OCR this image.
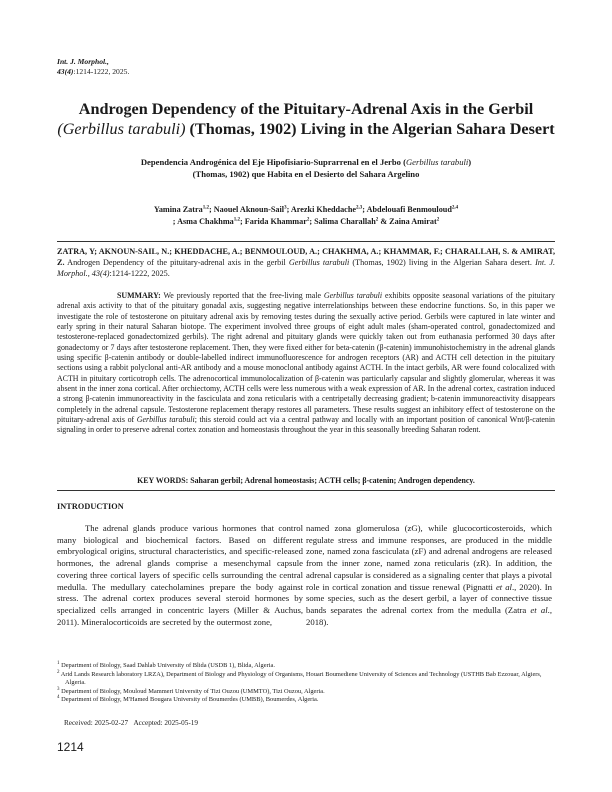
Int. J. Morphol.,
43(4):1214-1222, 2025.
Androgen Dependency of the Pituitary-Adrenal Axis in the Gerbil
(Gerbillus tarabuli) (Thomas, 1902) Living in the Algerian Sahara Desert
Dependencia Androgénica del Eje Hipofisiario-Suprarrenal en el Jerbo (Gerbillus tarabuli)
(Thomas, 1902) que Habita en el Desierto del Sahara Argelino
Yamina Zatra$^{1,2}$; Naouel Aknoun-Sail$^3$; Arezki Kheddache$^{2,3}$; Abdelouafi Benmouloud$^{2,4}$
; Asma Chakhma$^{1,2}$; Farida Khammar$^2$; Salima Charallah$^2$ & Zaina Amirat$^2$
ZATRA, Y; AKNOUN-SAIL, N.; KHEDDACHE, A.; BENMOULOUD, A.; CHAKHMA, A.; KHAMMAR, F.; CHARALLAH, S. & AMIRAT, Z. Androgen Dependency of the pituitary-adrenal axis in the gerbil Gerbillus tarabuli (Thomas, 1902) living in the Algerian Sahara desert. Int. J. Morphol., 43(4):1214-1222, 2025.
SUMMARY: We previously reported that the free-living male Gerbillus tarabuli exhibits opposite seasonal variations of the pituitary adrenal axis activity to that of the pituitary gonadal axis, suggesting negative interrelationships between these endocrine functions. So, in this paper we investigate the role of testosterone on pituitary adrenal axis by removing testes during the sexually active period. Gerbils were captured in late winter and early spring in their natural Saharan biotope. The experiment involved three groups of eight adult males (sham-operated control, gonadectomized and testosterone-replaced gonadectomized gerbils). The right adrenal and pituitary glands were quickly taken out from euthanasia performed 30 days after gonadectomy or 7 days after testosterone replacement. Then, they were fixed either for beta-catenin (β-catenin) immunohistochemistry in the adrenal glands using specific β-catenin antibody or double-labelled indirect immunofluorescence for androgen receptors (AR) and ACTH cell detection in the pituitary sections using a rabbit polyclonal anti-AR antibody and a mouse monoclonal antibody against ACTH. In the intact gerbils, AR were found colocalized with ACTH in pituitary corticotroph cells. The adrenocortical immunolocalization of β-catenin was particularly capsular and slightly glomerular, whereas it was absent in the inner zona cortical. After orchiectomy, ACTH cells were less numerous with a weak expression of AR. In the adrenal cortex, castration induced a strong β-catenin immunoreactivity in the fasciculata and zona reticularis with a centripetally decreasing gradient; b-catenin immunoreactivity disappears completely in the adrenal capsule. Testosterone replacement therapy restores all parameters. These results suggest an inhibitory effect of testosterone on the pituitary-adrenal axis of Gerbillus tarabuli; this steroid could act via a central pathway and locally with an important position of canonical Wnt/β-catenin signaling in order to preserve adrenal cortex zonation and homeostasis throughout the year in this seasonally breeding Saharan rodent.
KEY WORDS: Saharan gerbil; Adrenal homeostasis; ACTH cells; β-catenin; Androgen dependency.
INTRODUCTION
The adrenal glands produce various hormones that control many biological and biochemical factors. Based on different embryological origins, structural characteristics, and specific-released hormones, the adrenal glands comprise a mesenchymal capsule covering three cortical layers of specific cells surrounding the central medulla. The medullary catecholamines prepare the body against stress. The adrenal cortex produces several steroid hormones by specialized cells arranged in concentric layers (Miller & Auchus, 2011). Mineralocorticoids are secreted by the outermost zone,
named zona glomerulosa (zG), while glucocorticosteroids, which regulate stress and immune responses, are produced in the middle zone, named zona fasciculata (zF) and adrenal androgens are released from the inner zone, named zona reticularis (zR). In addition, the adrenal capsular is considered as a signaling center that plays a pivotal role in cortical zonation and tissue renewal (Pignatti et al., 2020). In some species, such as the desert gerbil, a layer of connective tissue bands separates the adrenal cortex from the medulla (Zatra et al., 2018).
$^1$ Department of Biology, Saad Dahlab University of Blida (USDB 1), Blida, Algeria.
$^2$ Arid Lands Research laboratory LRZA), Department of Biology and Physiology of Organisms, Houari Boumediene University of Sciences and Technology (USTHB Bab Ezzouar, Algiers, Algeria.
$^3$ Department of Biology, Mouloud Mammeri University of Tizi Ouzou (UMMTO), Tizi Ouzou, Algeria.
$^4$ Department of Biology, M'Hamed Bougara University of Boumerdes (UMBB), Boumerdes, Algeria.
Received: 2025-02-27 Accepted: 2025-05-19
1214
